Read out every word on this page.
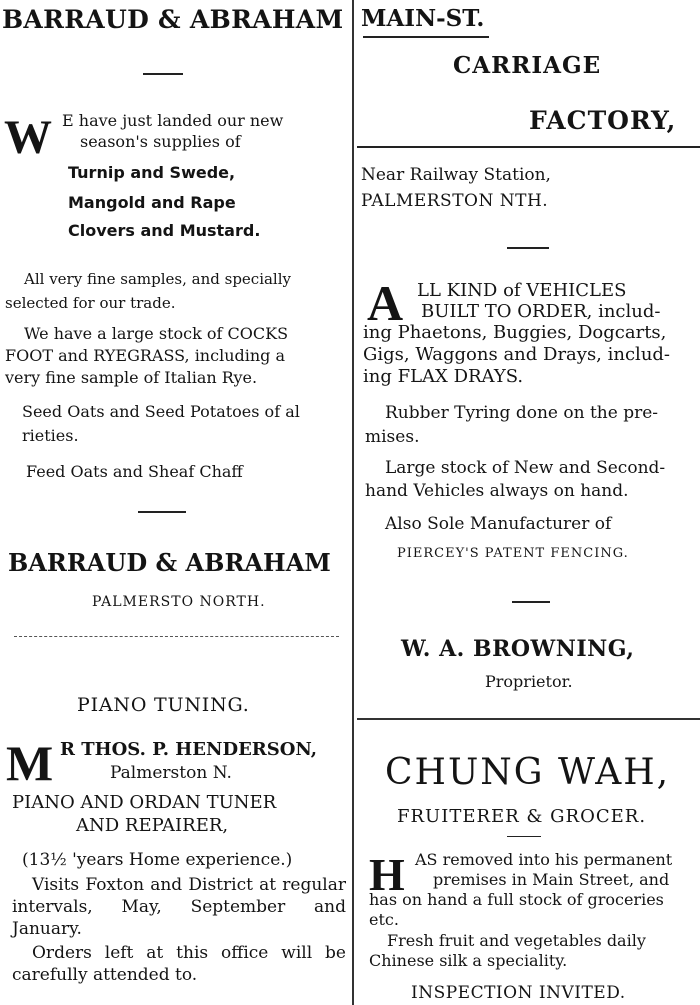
BARRAUD & ABRAHAM
W E have just landed our new
season's supplies of
Turnip and Swede,
Mangold and Rape
Clovers and Mustard.
All very fine samples, and specially
selected for our trade.
We have a large stock of COCKS
FOOT and RYEGRASS, including a
very fine sample of Italian Rye.
Seed Oats and Seed Potatoes of al
rieties.
Feed Oats and Sheaf Chaff
BARRAUD & ABRAHAM
PALMERSTO NORTH.
PIANO TUNING.
M R THOS. P. HENDERSON,
Palmerston N.
PIANO AND ORDAN TUNER
AND REPAIRER,
(13½ 'years Home experience.)
Visits Foxton and District at regular intervals, May, September and January.
Orders left at this office will be carefully attended to.
MAIN-ST.
CARRIAGE
FACTORY,
Near Railway Station,
PALMERSTON NTH.
A LL KIND of VEHICLES
BUILT TO ORDER, includ-
ing Phaetons, Buggies, Dogcarts,
Gigs, Waggons and Drays, includ-
ing FLAX DRAYS.
Rubber Tyring done on the pre-
mises.
Large stock of New and Second-
hand Vehicles always on hand.
Also Sole Manufacturer of
PIERCEY'S PATENT FENCING.
W. A. BROWNING,
Proprietor.
CHUNG WAH,
FRUITERER & GROCER.
H AS removed into his permanent
premises in Main Street, and
has on hand a full stock of groceries
etc.
Fresh fruit and vegetables daily
Chinese silk a speciality.
INSPECTION INVITED.
